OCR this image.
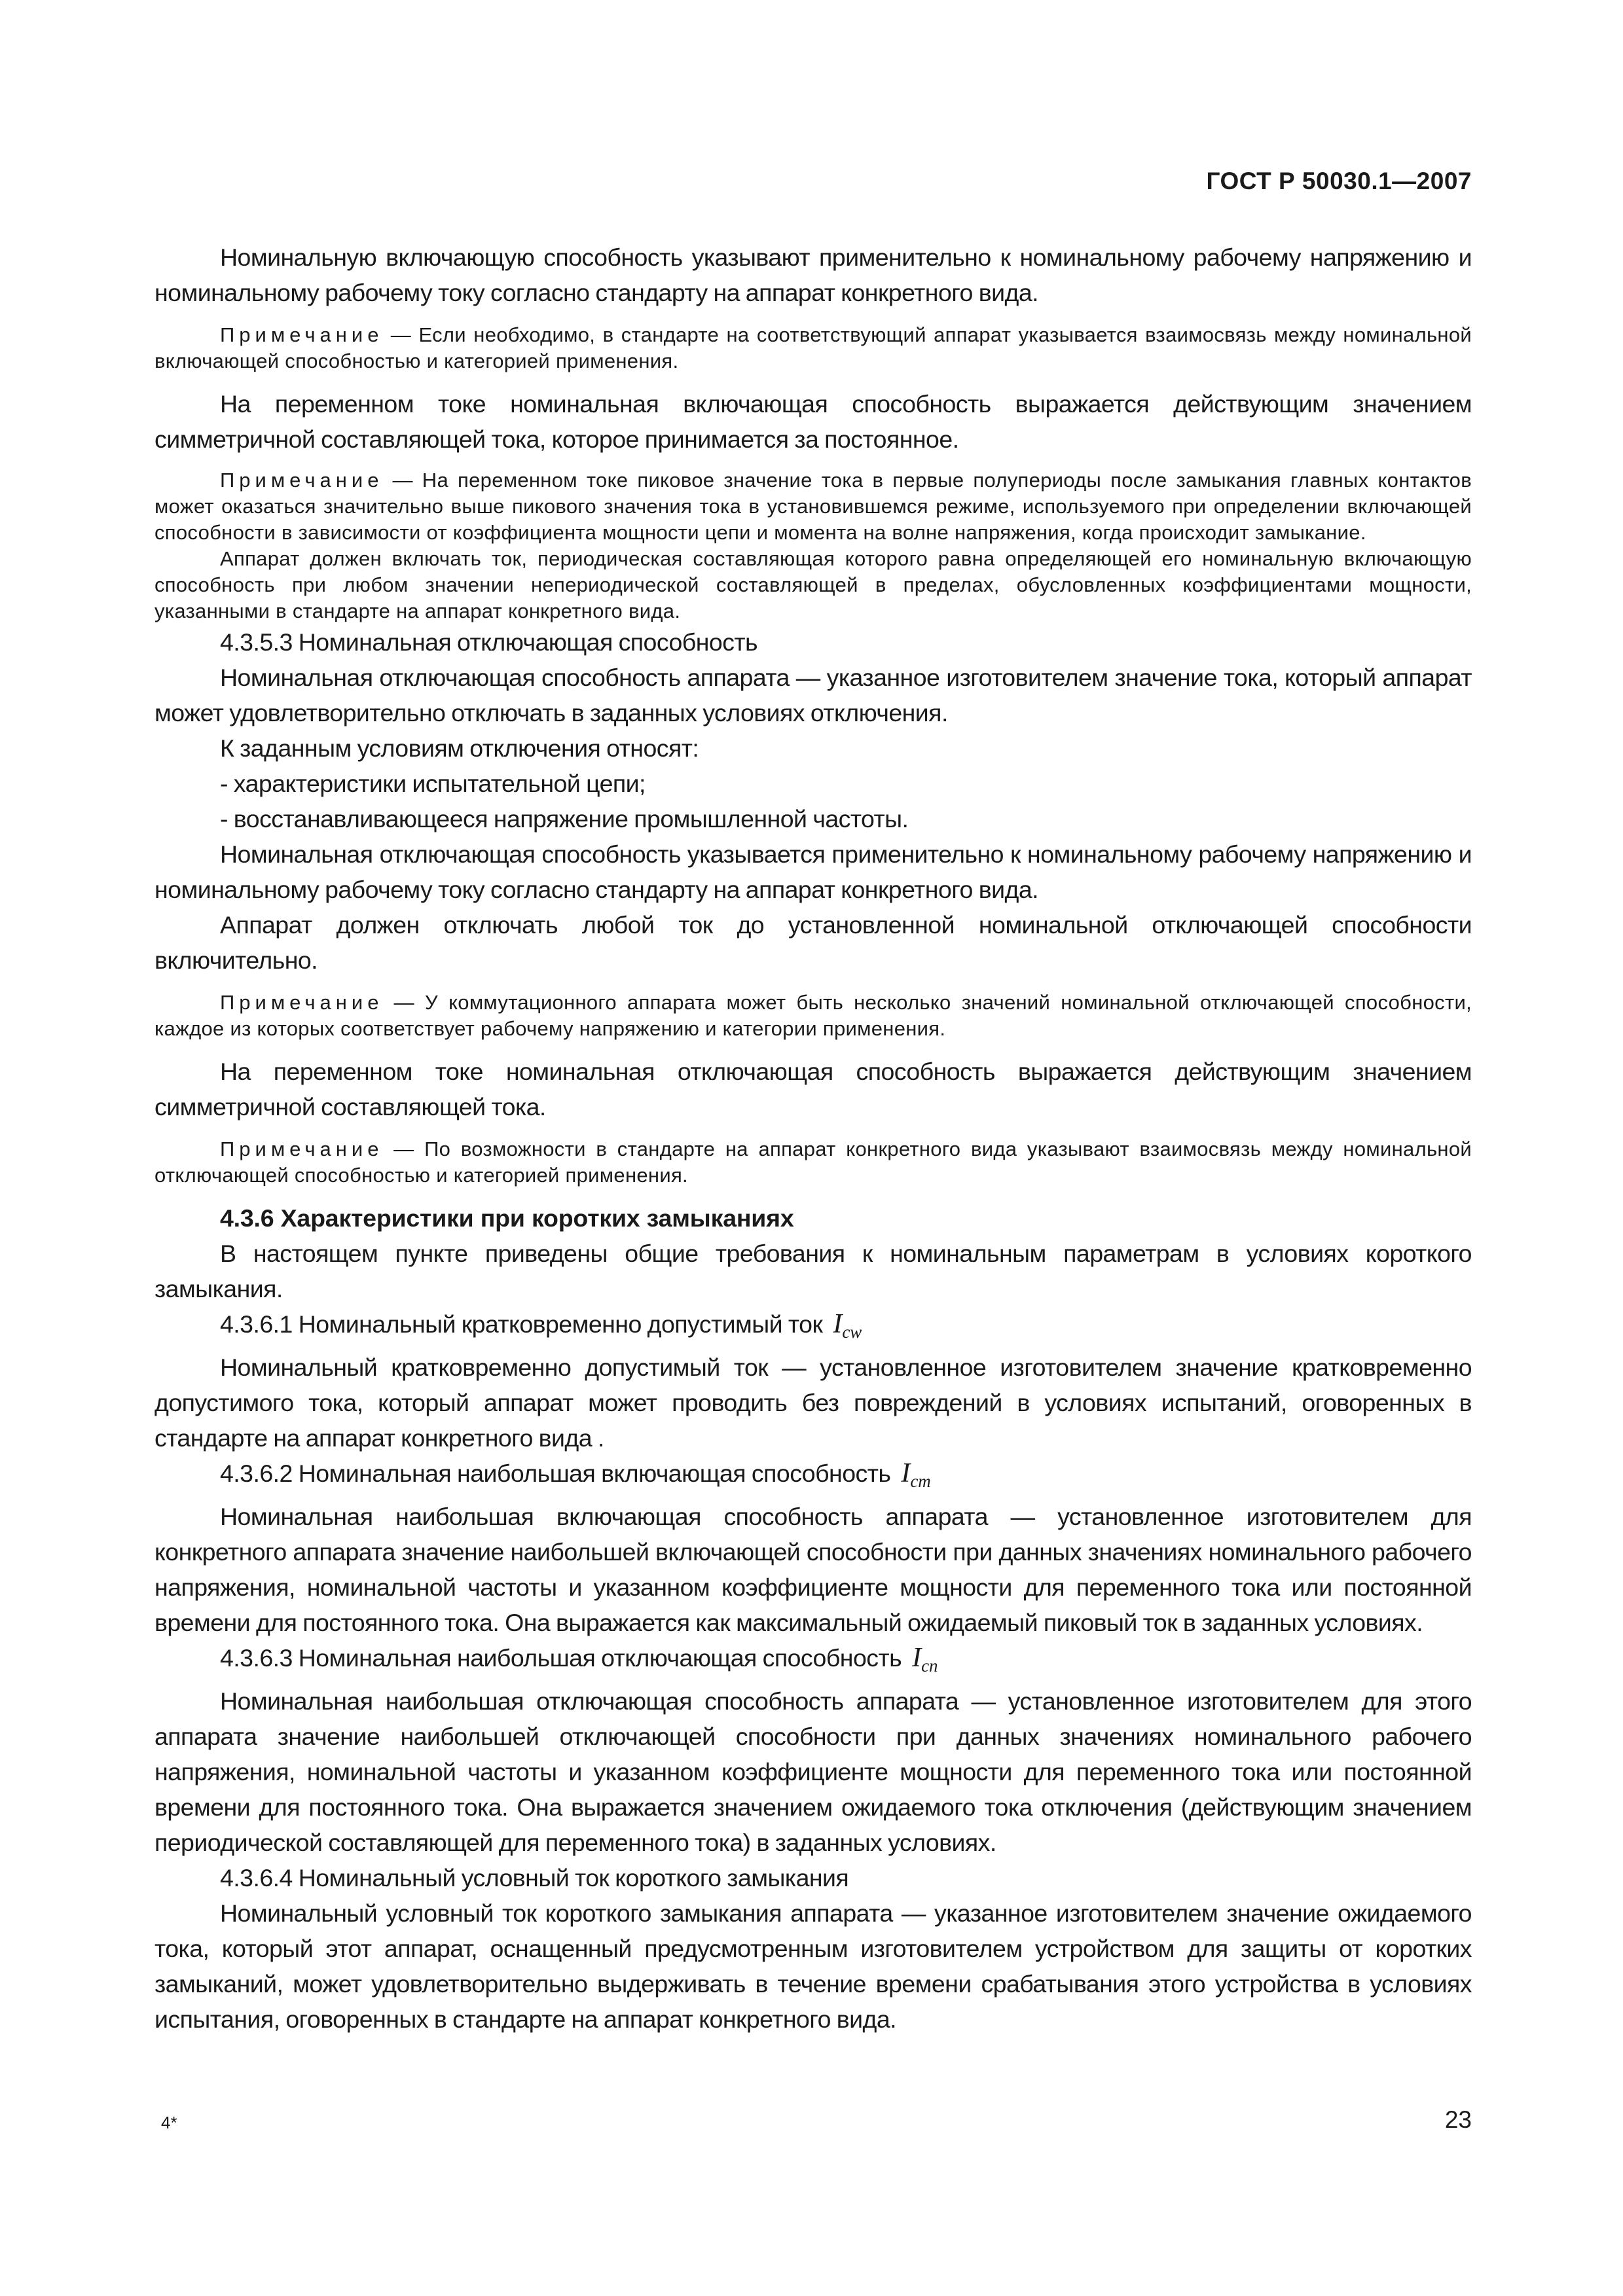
ГОСТ Р 50030.1—2007

Номинальную включающую способность указывают применительно к номинальному рабочему напряжению и номинальному рабочему току согласно стандарту на аппарат конкретного вида.

Примечание — Если необходимо, в стандарте на соответствующий аппарат указывается взаимосвязь между номинальной включающей способностью и категорией применения.

На переменном токе номинальная включающая способность выражается действующим значением симметричной составляющей тока, которое принимается за постоянное.

Примечание — На переменном токе пиковое значение тока в первые полупериоды после замыкания главных контактов может оказаться значительно выше пикового значения тока в установившемся режиме, используемого при определении включающей способности в зависимости от коэффициента мощности цепи и момента на волне напряжения, когда происходит замыкание.

Аппарат должен включать ток, периодическая составляющая которого равна определяющей его номинальную включающую способность при любом значении непериодической составляющей в пределах, обусловленных коэффициентами мощности, указанными в стандарте на аппарат конкретного вида.

4.3.5.3 Номинальная отключающая способность

Номинальная отключающая способность аппарата — указанное изготовителем значение тока, который аппарат может удовлетворительно отключать в заданных условиях отключения.

К заданным условиям отключения относят:

- характеристики испытательной цепи;

- восстанавливающееся напряжение промышленной частоты.

Номинальная отключающая способность указывается применительно к номинальному рабочему напряжению и номинальному рабочему току согласно стандарту на аппарат конкретного вида.

Аппарат должен отключать любой ток до установленной номинальной отключающей способности включительно.

Примечание — У коммутационного аппарата может быть несколько значений номинальной отключающей способности, каждое из которых соответствует рабочему напряжению и категории применения.

На переменном токе номинальная отключающая способность выражается действующим значением симметричной составляющей тока.

Примечание — По возможности в стандарте на аппарат конкретного вида указывают взаимосвязь между номинальной отключающей способностью и категорией применения.

4.3.6 Характеристики при коротких замыканиях

В настоящем пункте приведены общие требования к номинальным параметрам в условиях короткого замыкания.

4.3.6.1 Номинальный кратковременно допустимый ток $I_{cw}$

Номинальный кратковременно допустимый ток — установленное изготовителем значение кратковременно допустимого тока, который аппарат может проводить без повреждений в условиях испытаний, оговоренных в стандарте на аппарат конкретного вида .

4.3.6.2 Номинальная наибольшая включающая способность $I_{cm}$

Номинальная наибольшая включающая способность аппарата — установленное изготовителем для конкретного аппарата значение наибольшей включающей способности при данных значениях номинального рабочего напряжения, номинальной частоты и указанном коэффициенте мощности для переменного тока или постоянной времени для постоянного тока. Она выражается как максимальный ожидаемый пиковый ток в заданных условиях.

4.3.6.3 Номинальная наибольшая отключающая способность $I_{cn}$

Номинальная наибольшая отключающая способность аппарата — установленное изготовителем для этого аппарата значение наибольшей отключающей способности при данных значениях номинального рабочего напряжения, номинальной частоты и указанном коэффициенте мощности для переменного тока или постоянной времени для постоянного тока. Она выражается значением ожидаемого тока отключения (действующим значением периодической составляющей для переменного тока) в заданных условиях.

4.3.6.4 Номинальный условный ток короткого замыкания

Номинальный условный ток короткого замыкания аппарата — указанное изготовителем значение ожидаемого тока, который этот аппарат, оснащенный предусмотренным изготовителем устройством для защиты от коротких замыканий, может удовлетворительно выдерживать в течение времени срабатывания этого устройства в условиях испытания, оговоренных в стандарте на аппарат конкретного вида.

4*	23
